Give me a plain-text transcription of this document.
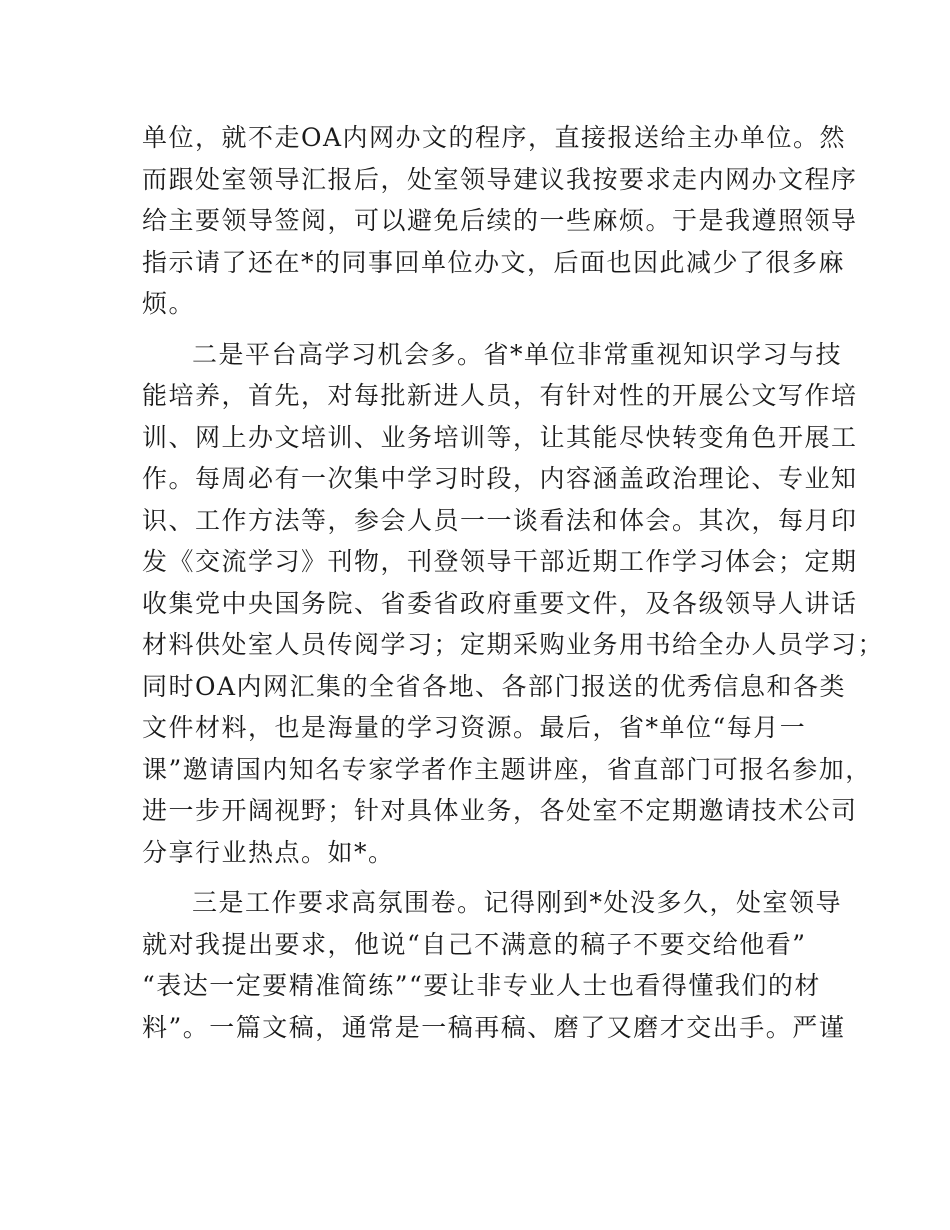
单位，就不走OA内网办文的程序，直接报送给主办单位。然
而跟处室领导汇报后，处室领导建议我按要求走内网办文程序
给主要领导签阅，可以避免后续的一些麻烦。于是我遵照领导
指示请了还在*的同事回单位办文，后面也因此减少了很多麻
烦。
二是平台高学习机会多。省*单位非常重视知识学习与技
能培养，首先，对每批新进人员，有针对性的开展公文写作培
训、网上办文培训、业务培训等，让其能尽快转变角色开展工
作。每周必有一次集中学习时段，内容涵盖政治理论、专业知
识、工作方法等，参会人员一一谈看法和体会。其次，每月印
发《交流学习》刊物，刊登领导干部近期工作学习体会；定期
收集党中央国务院、省委省政府重要文件，及各级领导人讲话
材料供处室人员传阅学习；定期采购业务用书给全办人员学习；
同时OA内网汇集的全省各地、各部门报送的优秀信息和各类
文件材料，也是海量的学习资源。最后，省*单位“每月一
课”邀请国内知名专家学者作主题讲座，省直部门可报名参加，
进一步开阔视野；针对具体业务，各处室不定期邀请技术公司
分享行业热点。如*。
三是工作要求高氛围卷。记得刚到*处没多久，处室领导
就对我提出要求，他说“自己不满意的稿子不要交给他看”
“表达一定要精准简练”“要让非专业人士也看得懂我们的材
料”。一篇文稿，通常是一稿再稿、磨了又磨才交出手。严谨
